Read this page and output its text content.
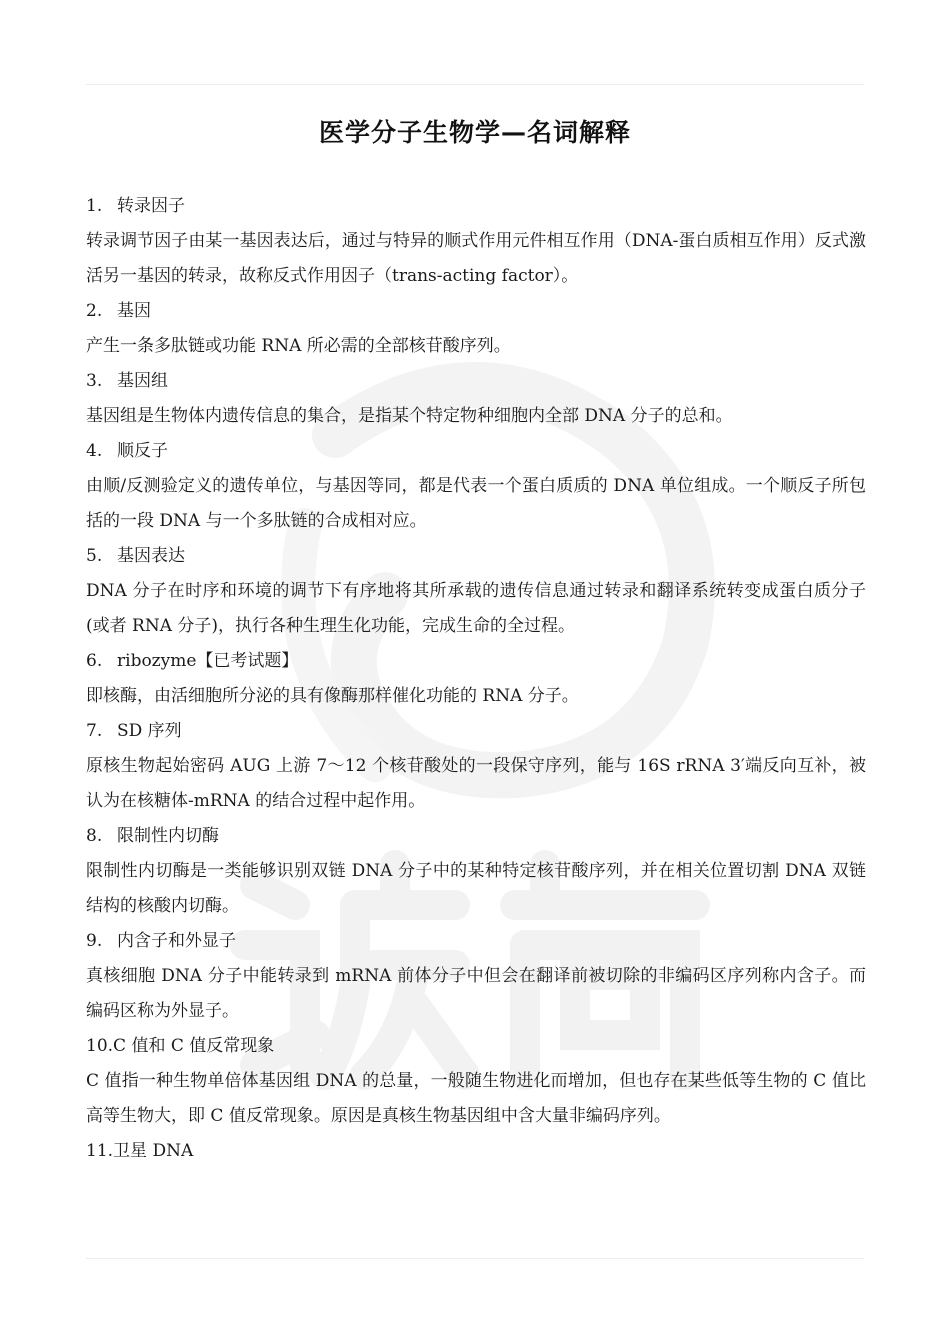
医学分子生物学—名词解释
1. 转录因子
转录调节因子由某一基因表达后，通过与特异的顺式作用元件相互作用（DNA-蛋白质相互作用）反式激活另一基因的转录，故称反式作用因子（trans-acting factor）。
2. 基因
产生一条多肽链或功能 RNA 所必需的全部核苷酸序列。
3. 基因组
基因组是生物体内遗传信息的集合，是指某个特定物种细胞内全部 DNA 分子的总和。
4. 顺反子
由顺/反测验定义的遗传单位，与基因等同，都是代表一个蛋白质质的 DNA 单位组成。一个顺反子所包括的一段 DNA 与一个多肽链的合成相对应。
5. 基因表达
DNA 分子在时序和环境的调节下有序地将其所承载的遗传信息通过转录和翻译系统转变成蛋白质分子(或者 RNA 分子)，执行各种生理生化功能，完成生命的全过程。
6. ribozyme【已考试题】
即核酶，由活细胞所分泌的具有像酶那样催化功能的 RNA 分子。
7. SD 序列
原核生物起始密码 AUG 上游 7～12 个核苷酸处的一段保守序列，能与 16S rRNA 3′端反向互补，被认为在核糖体-mRNA 的结合过程中起作用。
8. 限制性内切酶
限制性内切酶是一类能够识别双链 DNA 分子中的某种特定核苷酸序列，并在相关位置切割 DNA 双链结构的核酸内切酶。
9. 内含子和外显子
真核细胞 DNA 分子中能转录到 mRNA 前体分子中但会在翻译前被切除的非编码区序列称内含子。而编码区称为外显子。
10.C 值和 C 值反常现象
C 值指一种生物单倍体基因组 DNA 的总量，一般随生物进化而增加，但也存在某些低等生物的 C 值比高等生物大，即 C 值反常现象。原因是真核生物基因组中含大量非编码序列。
11.卫星 DNA
